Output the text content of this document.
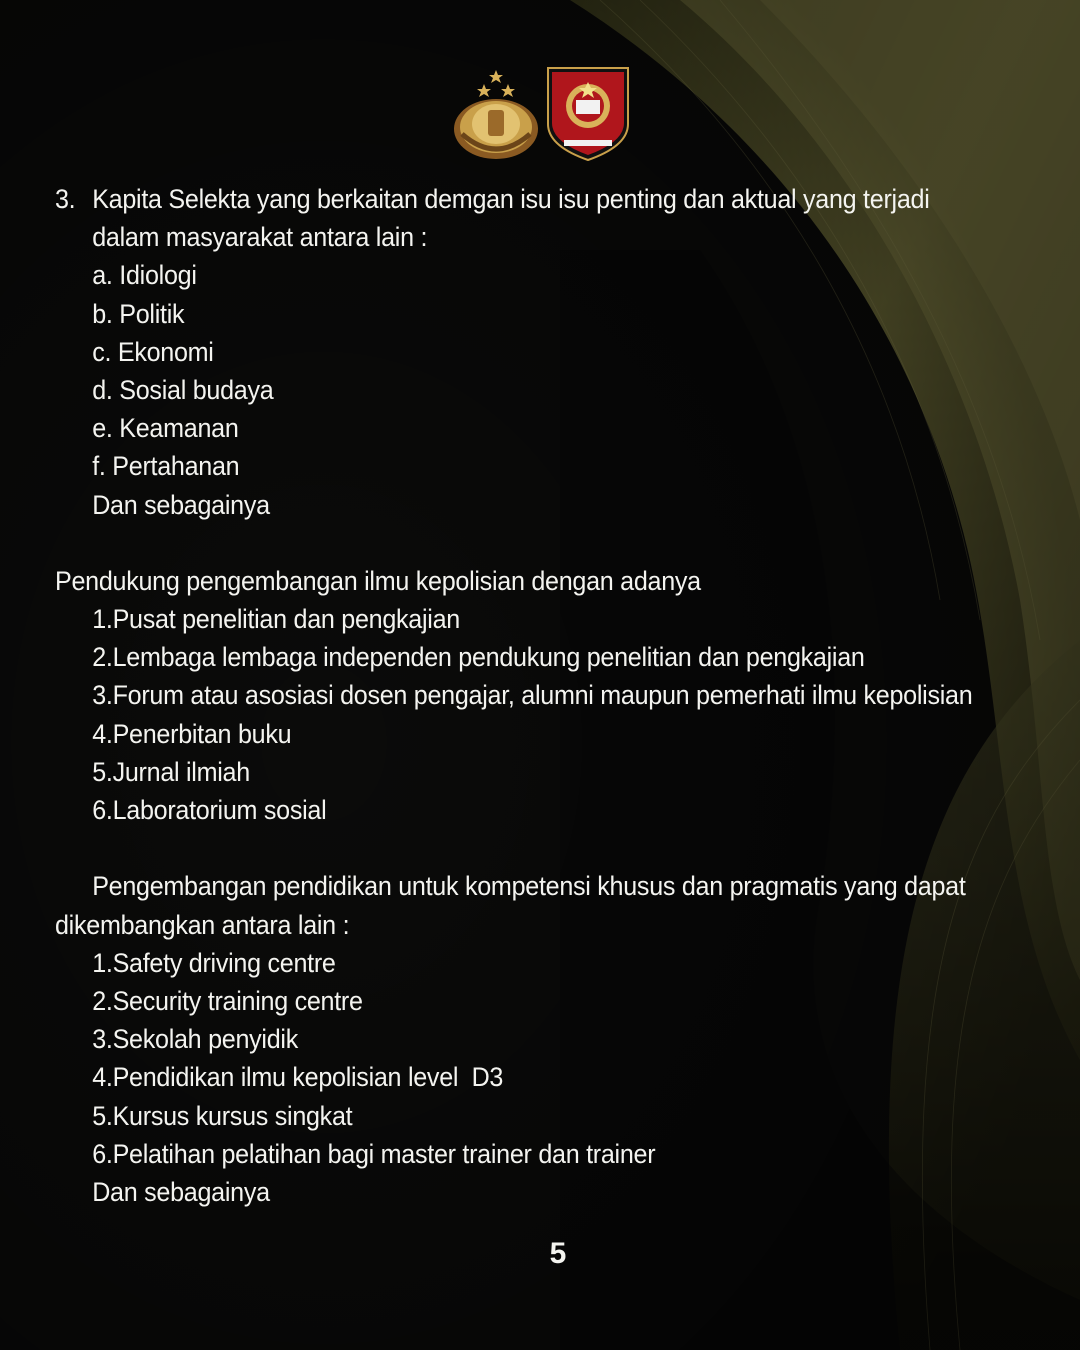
3. Kapita Selekta yang berkaitan demgan isu isu penting dan aktual yang terjadi
dalam masyarakat antara lain :
a. Idiologi
b. Politik
c. Ekonomi
d. Sosial budaya
e. Keamanan
f. Pertahanan
Dan sebagainya
Pendukung pengembangan ilmu kepolisian dengan adanya
1.Pusat penelitian dan pengkajian
2.Lembaga lembaga independen pendukung penelitian dan pengkajian
3.Forum atau asosiasi dosen pengajar, alumni maupun pemerhati ilmu kepolisian
4.Penerbitan buku
5.Jurnal ilmiah
6.Laboratorium sosial
Pengembangan pendidikan untuk kompetensi khusus dan pragmatis yang dapat
dikembangkan antara lain :
1.Safety driving centre
2.Security training centre
3.Sekolah penyidik
4.Pendidikan ilmu kepolisian level  D3
5.Kursus kursus singkat
6.Pelatihan pelatihan bagi master trainer dan trainer
Dan sebagainya
5
